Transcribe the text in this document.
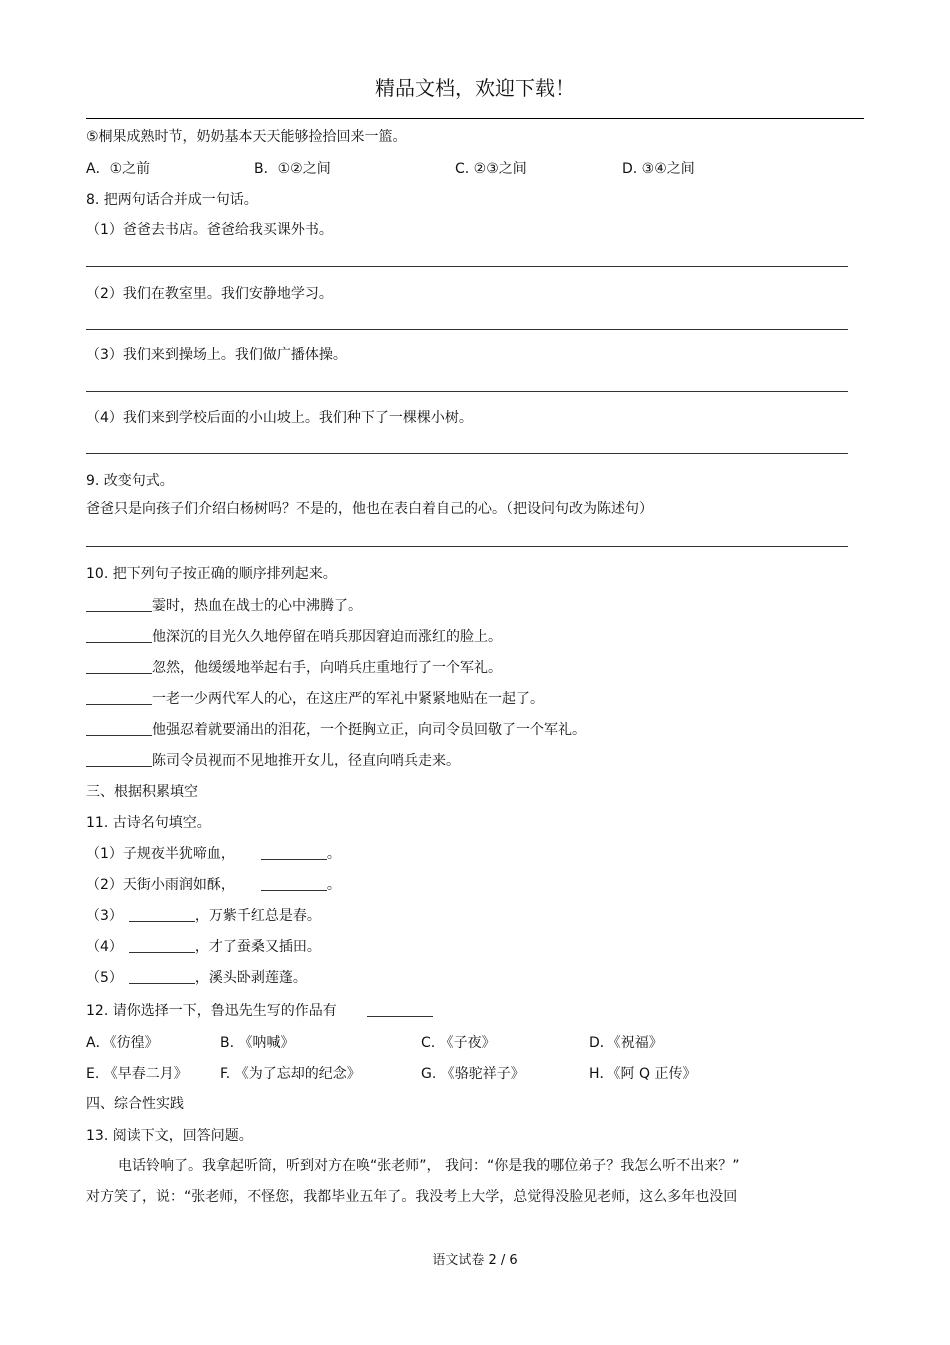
精品文档，欢迎下载！
⑤桐果成熟时节，奶奶基本天天能够捡拾回来一篮。
A．①之前	B．①②之间	C. ②③之间	D. ③④之间
8. 把两句话合并成一句话。
（1）爸爸去书店。爸爸给我买课外书。
（2）我们在教室里。我们安静地学习。
（3）我们来到操场上。我们做广播体操。
（4）我们来到学校后面的小山坡上。我们种下了一棵棵小树。
9. 改变句式。
爸爸只是向孩子们介绍白杨树吗？不是的，他也在表白着自己的心。（把设问句改为陈述句）
10. 把下列句子按正确的顺序排列起来。
霎时，热血在战士的心中沸腾了。
他深沉的目光久久地停留在哨兵那因窘迫而涨红的脸上。
忽然，他缓缓地举起右手，向哨兵庄重地行了一个军礼。
一老一少两代军人的心，在这庄严的军礼中紧紧地贴在一起了。
他强忍着就要涌出的泪花，一个挺胸立正，向司令员回敬了一个军礼。
陈司令员视而不见地推开女儿，径直向哨兵走来。
三、根据积累填空
11. 古诗名句填空。
（1）子规夜半犹啼血，	。
（2）天街小雨润如酥，	。
（3）	，万紫千红总是春。
（4）	，才了蚕桑又插田。
（5）	，溪头卧剥莲蓬。
12. 请你选择一下，鲁迅先生写的作品有
A．《彷徨》	B. 《呐喊》	C. 《子夜》	D．《祝福》
E. 《早春二月》 F. 《为了忘却的纪念》	G. 《骆驼祥子》	H．《阿 Q 正传》
四、综合性实践
13. 阅读下文，回答问题。
电话铃响了。我拿起听筒，听到对方在唤“张老师”， 我问：“你是我的哪位弟子？我怎么听不出来？”
对方笑了，说：“张老师，不怪您，我都毕业五年了。我没考上大学，总觉得没脸见老师，这么多年也没回
语文试卷 2 / 6
